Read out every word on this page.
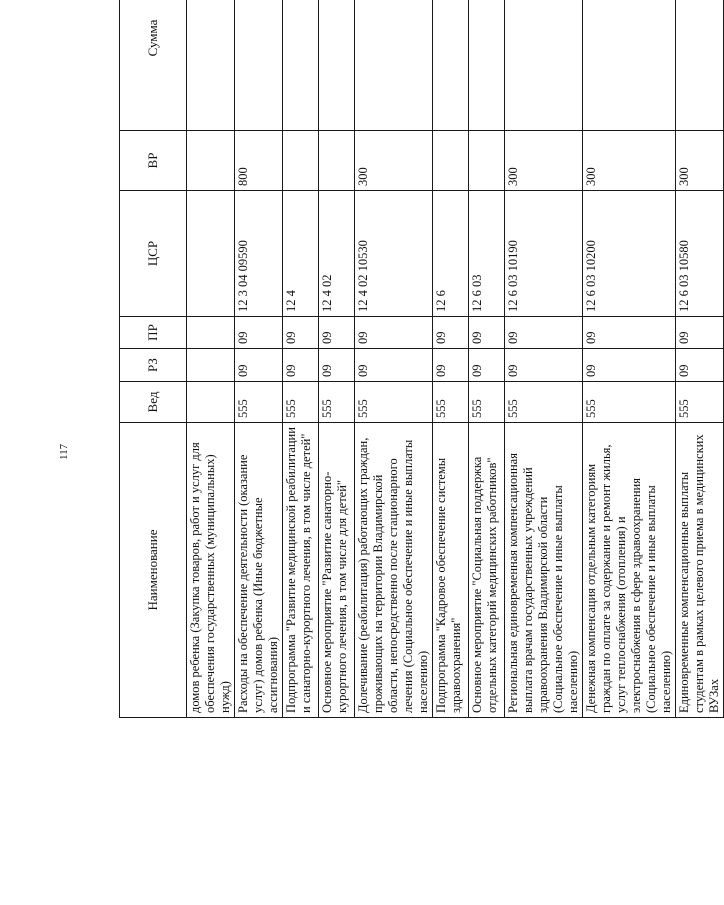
117
Наименование	Вед	РЗ	ПР	ЦСР	ВР	Сумма
домов ребенка (Закупка товаров, работ и услуг для обеспечения государственных (муниципальных) нужд)						
Расходы на обеспечение деятельности (оказание услуг) домов ребенка (Иные бюджетные ассигнования)	555	09	09	12 3 04 09590	800	
Подпрограмма "Развитие медицинской реабилитации и санаторно-курортного лечения, в том числе детей"	555	09	09	12 4		
Основное мероприятие "Развитие санаторно-курортного лечения, в том числе для детей"	555	09	09	12 4 02		
Долечивание (реабилитация) работающих граждан, проживающих на территории Владимирской области, непосредственно после стационарного лечения (Социальное обеспечение и иные выплаты населению)	555	09	09	12 4 02 10530	300	
Подпрограмма "Кадровое обеспечение системы здравоохранения"	555	09	09	12 6		
Основное мероприятие "Социальная поддержка отдельных категорий медицинских работников"	555	09	09	12 6 03		
Региональная единовременная компенсационная выплата врачам государственных учреждений здравоохранения Владимирской области (Социальное обеспечение и иные выплаты населению)	555	09	09	12 6 03 10190	300	
Денежная компенсация отдельным категориям граждан по оплате за содержание и ремонт жилья, услуг теплоснабжения (отопления) и электроснабжения в сфере здравоохранения (Социальное обеспечение и иные выплаты населению)	555	09	09	12 6 03 10200	300	
Единовременные компенсационные выплаты студентам в рамках целевого приема в медицинских ВУЗах	555	09	09	12 6 03 10580	300	
